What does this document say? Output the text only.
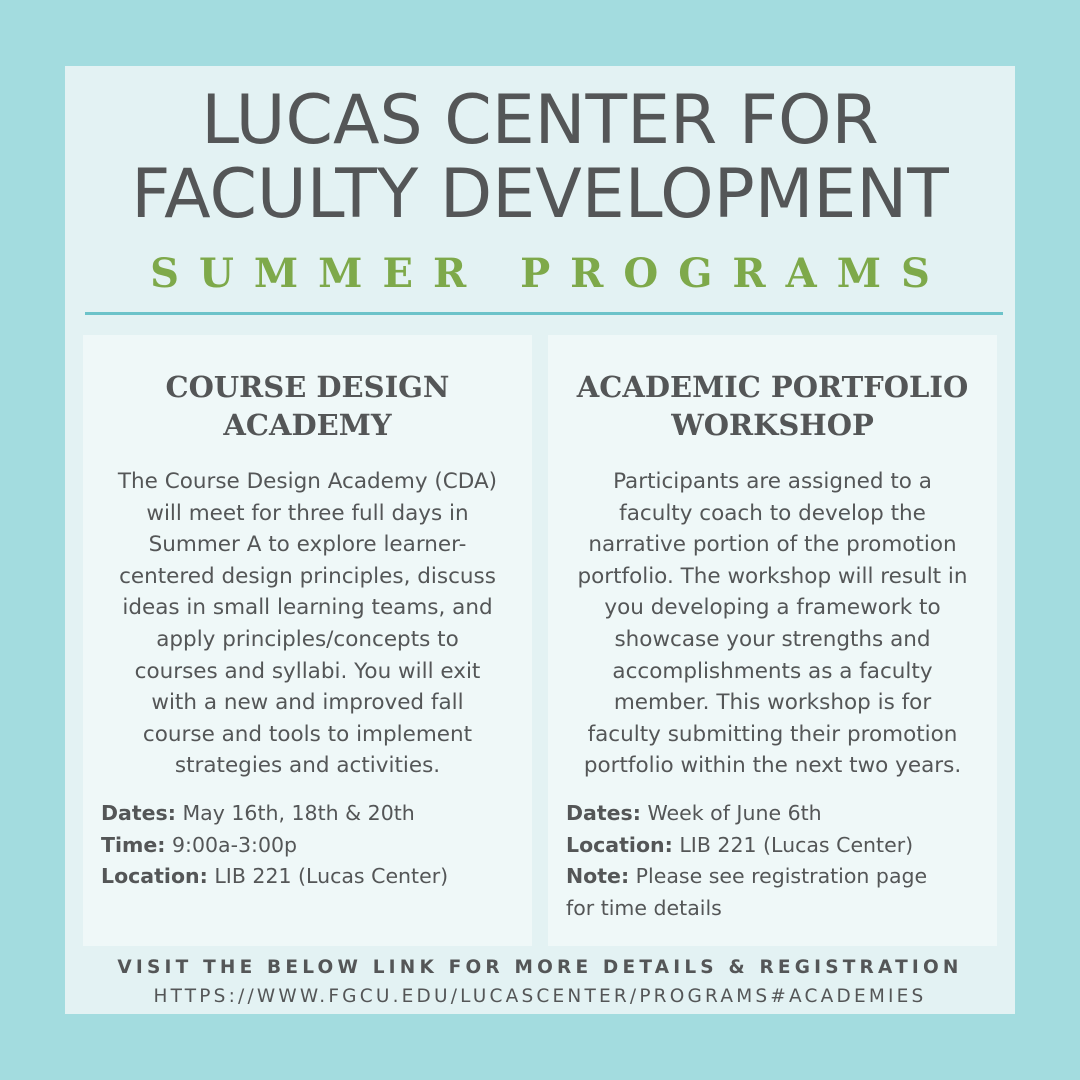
LUCAS CENTER FOR
FACULTY DEVELOPMENT
SUMMER PROGRAMS
COURSE DESIGN
ACADEMY

The Course Design Academy (CDA)
will meet for three full days in
Summer A to explore learner-
centered design principles, discuss
ideas in small learning teams, and
apply principles/concepts to
courses and syllabi. You will exit
with a new and improved fall
course and tools to implement
strategies and activities.

Dates: May 16th, 18th & 20th
Time: 9:00a-3:00p
Location: LIB 221 (Lucas Center)
ACADEMIC PORTFOLIO
WORKSHOP

Participants are assigned to a
faculty coach to develop the
narrative portion of the promotion
portfolio. The workshop will result in
you developing a framework to
showcase your strengths and
accomplishments as a faculty
member. This workshop is for
faculty submitting their promotion
portfolio within the next two years.

Dates: Week of June 6th
Location: LIB 221 (Lucas Center)
Note: Please see registration page
for time details
VISIT THE BELOW LINK FOR MORE DETAILS & REGISTRATION
HTTPS://WWW.FGCU.EDU/LUCASCENTER/PROGRAMS#ACADEMIES
